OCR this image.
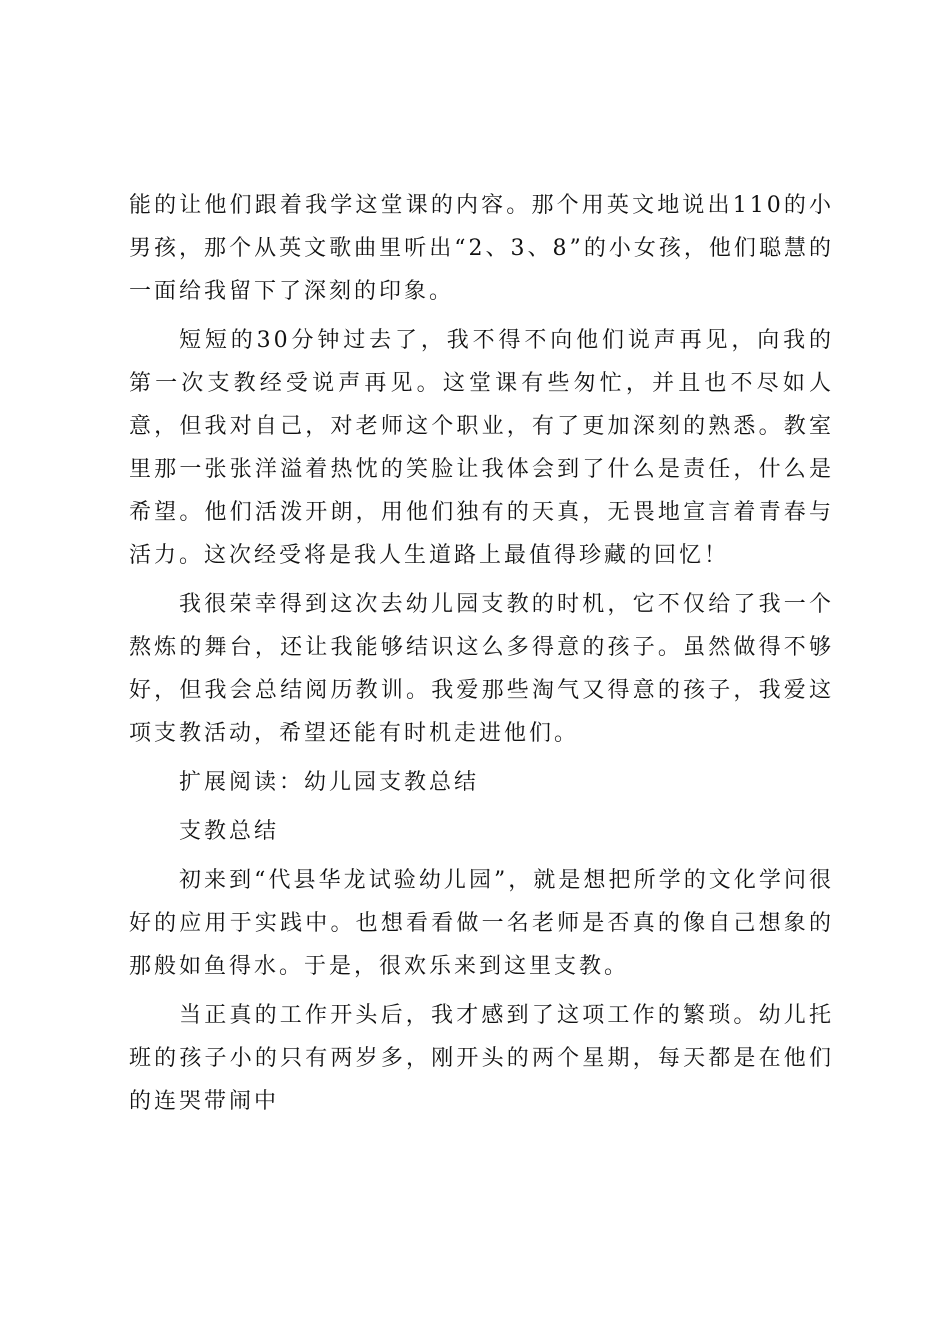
能的让他们跟着我学这堂课的内容。那个用英文地说出110的小男孩，那个从英文歌曲里听出“2、3、8”的小女孩，他们聪慧的一面给我留下了深刻的印象。

短短的30分钟过去了，我不得不向他们说声再见，向我的第一次支教经受说声再见。这堂课有些匆忙，并且也不尽如人意，但我对自己，对老师这个职业，有了更加深刻的熟悉。教室里那一张张洋溢着热忱的笑脸让我体会到了什么是责任，什么是希望。他们活泼开朗，用他们独有的天真，无畏地宣言着青春与活力。这次经受将是我人生道路上最值得珍藏的回忆！

我很荣幸得到这次去幼儿园支教的时机，它不仅给了我一个熬炼的舞台，还让我能够结识这么多得意的孩子。虽然做得不够好，但我会总结阅历教训。我爱那些淘气又得意的孩子，我爱这项支教活动，希望还能有时机走进他们。

扩展阅读：幼儿园支教总结

支教总结

初来到“代县华龙试验幼儿园”，就是想把所学的文化学问很好的应用于实践中。也想看看做一名老师是否真的像自己想象的那般如鱼得水。于是，很欢乐来到这里支教。

当正真的工作开头后，我才感到了这项工作的繁琐。幼儿托班的孩子小的只有两岁多，刚开头的两个星期，每天都是在他们的连哭带闹中
